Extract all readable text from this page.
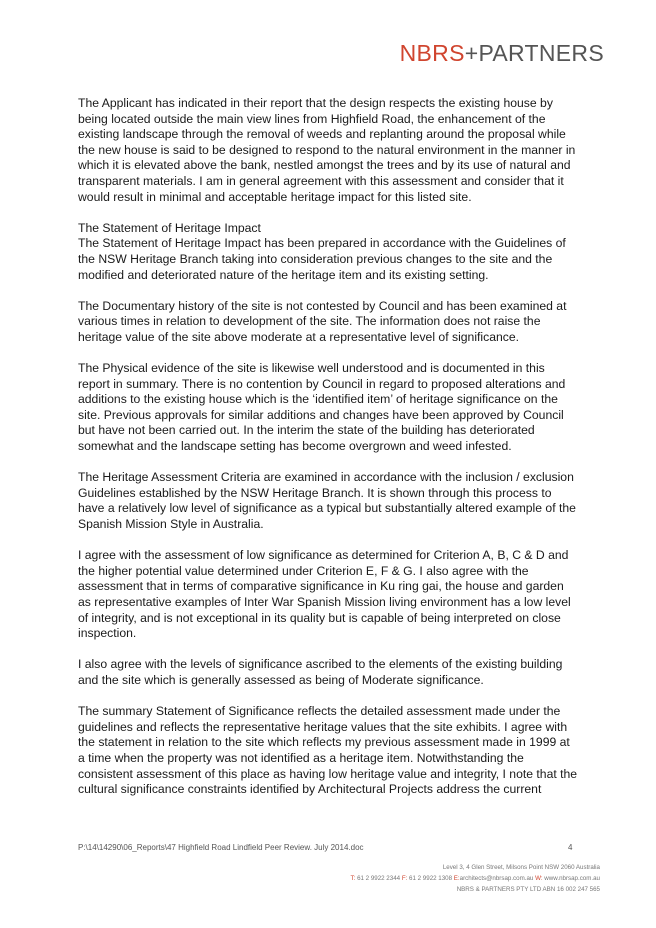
NBRS+PARTNERS

The Applicant has indicated in their report that the design respects the existing house by being located outside the main view lines from Highfield Road, the enhancement of the existing landscape through the removal of weeds and replanting around the proposal while the new house is said to be designed to respond to the natural environment in the manner in which it is elevated above the bank, nestled amongst the trees and by its use of natural and transparent materials. I am in general agreement with this assessment and consider that it would result in minimal and acceptable heritage impact for this listed site.

The Statement of Heritage Impact

The Statement of Heritage Impact has been prepared in accordance with the Guidelines of the NSW Heritage Branch taking into consideration previous changes to the site and the modified and deteriorated nature of the heritage item and its existing setting.

The Documentary history of the site is not contested by Council and has been examined at various times in relation to development of the site. The information does not raise the heritage value of the site above moderate at a representative level of significance.

The Physical evidence of the site is likewise well understood and is documented in this report in summary. There is no contention by Council in regard to proposed alterations and additions to the existing house which is the ‘identified item’ of heritage significance on the site. Previous approvals for similar additions and changes have been approved by Council but have not been carried out. In the interim the state of the building has deteriorated somewhat and the landscape setting has become overgrown and weed infested.

The Heritage Assessment Criteria are examined in accordance with the inclusion / exclusion Guidelines established by the NSW Heritage Branch. It is shown through this process to have a relatively low level of significance as a typical but substantially altered example of the Spanish Mission Style in Australia.

I agree with the assessment of low significance as determined for Criterion A, B, C & D and the higher potential value determined under Criterion E, F & G. I also agree with the assessment that in terms of comparative significance in Ku ring gai, the house and garden as representative examples of Inter War Spanish Mission living environment has a low level of integrity, and is not exceptional in its quality but is capable of being interpreted on close inspection.

I also agree with the levels of significance ascribed to the elements of the existing building and the site which is generally assessed as being of Moderate significance.

The summary Statement of Significance reflects the detailed assessment made under the guidelines and reflects the representative heritage values that the site exhibits. I agree with the statement in relation to the site which reflects my previous assessment made in 1999 at a time when the property was not identified as a heritage item. Notwithstanding the consistent assessment of this place as having low heritage value and integrity, I note that the cultural significance constraints identified by Architectural Projects address the current

P:\14\14290\06_Reports\47 Highfield Road Lindfield Peer Review. July 2014.doc	4
Level 3, 4 Glen Street, Milsons Point NSW 2060 Australia
T: 61 2 9922 2344 F: 61 2 9922 1308 E:architects@nbrsap.com.au W: www.nbrsap.com.au
NBRS & PARTNERS PTY LTD ABN 16 002 247 565
